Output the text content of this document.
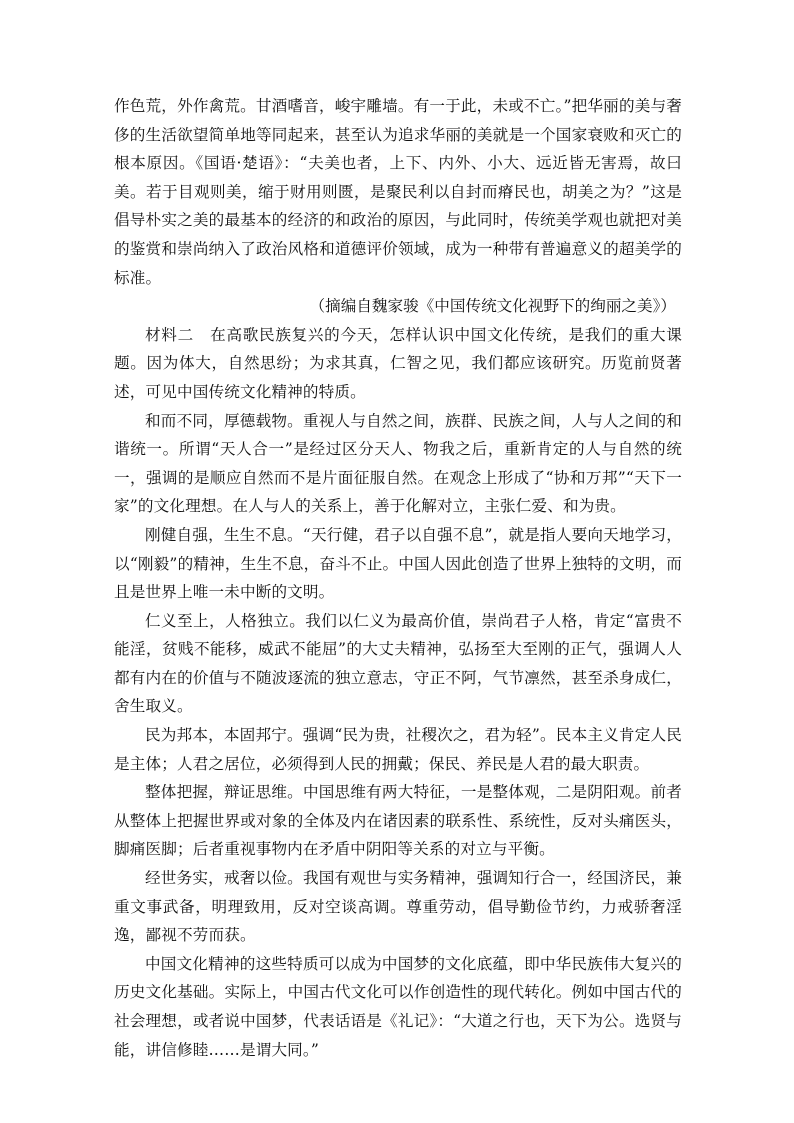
作色荒，外作禽荒。甘酒嗜音，峻宇雕墙。有一于此，未或不亡。”把华丽的美与奢侈的生活欲望简单地等同起来，甚至认为追求华丽的美就是一个国家衰败和灭亡的根本原因。《国语·楚语》：“夫美也者，上下、内外、小大、远近皆无害焉，故曰美。若于目观则美，缩于财用则匮，是聚民利以自封而瘠民也，胡美之为？”这是倡导朴实之美的最基本的经济的和政治的原因，与此同时，传统美学观也就把对美的鉴赏和崇尚纳入了政治风格和道德评价领域，成为一种带有普遍意义的超美学的标准。

（摘编自魏家骏《中国传统文化视野下的绚丽之美》）

材料二　在高歌民族复兴的今天，怎样认识中国文化传统，是我们的重大课题。因为体大，自然思纷；为求其真，仁智之见，我们都应该研究。历览前贤著述，可见中国传统文化精神的特质。

和而不同，厚德载物。重视人与自然之间，族群、民族之间，人与人之间的和谐统一。所谓“天人合一”是经过区分天人、物我之后，重新肯定的人与自然的统一，强调的是顺应自然而不是片面征服自然。在观念上形成了“协和万邦”“天下一家”的文化理想。在人与人的关系上，善于化解对立，主张仁爱、和为贵。

刚健自强，生生不息。“天行健，君子以自强不息”，就是指人要向天地学习，以“刚毅”的精神，生生不息，奋斗不止。中国人因此创造了世界上独特的文明，而且是世界上唯一未中断的文明。

仁义至上，人格独立。我们以仁义为最高价值，崇尚君子人格，肯定“富贵不能淫，贫贱不能移，威武不能屈”的大丈夫精神，弘扬至大至刚的正气，强调人人都有内在的价值与不随波逐流的独立意志，守正不阿，气节凛然，甚至杀身成仁，舍生取义。

民为邦本，本固邦宁。强调“民为贵，社稷次之，君为轻”。民本主义肯定人民是主体；人君之居位，必须得到人民的拥戴；保民、养民是人君的最大职责。

整体把握，辩证思维。中国思维有两大特征，一是整体观，二是阴阳观。前者从整体上把握世界或对象的全体及内在诸因素的联系性、系统性，反对头痛医头，脚痛医脚；后者重视事物内在矛盾中阴阳等关系的对立与平衡。

经世务实，戒奢以俭。我国有观世与实务精神，强调知行合一，经国济民，兼重文事武备，明理致用，反对空谈高调。尊重劳动，倡导勤俭节约，力戒骄奢淫逸，鄙视不劳而获。

中国文化精神的这些特质可以成为中国梦的文化底蕴，即中华民族伟大复兴的历史文化基础。实际上，中国古代文化可以作创造性的现代转化。例如中国古代的社会理想，或者说中国梦，代表话语是《礼记》：“大道之行也，天下为公。选贤与能，讲信修睦……是谓大同。”
